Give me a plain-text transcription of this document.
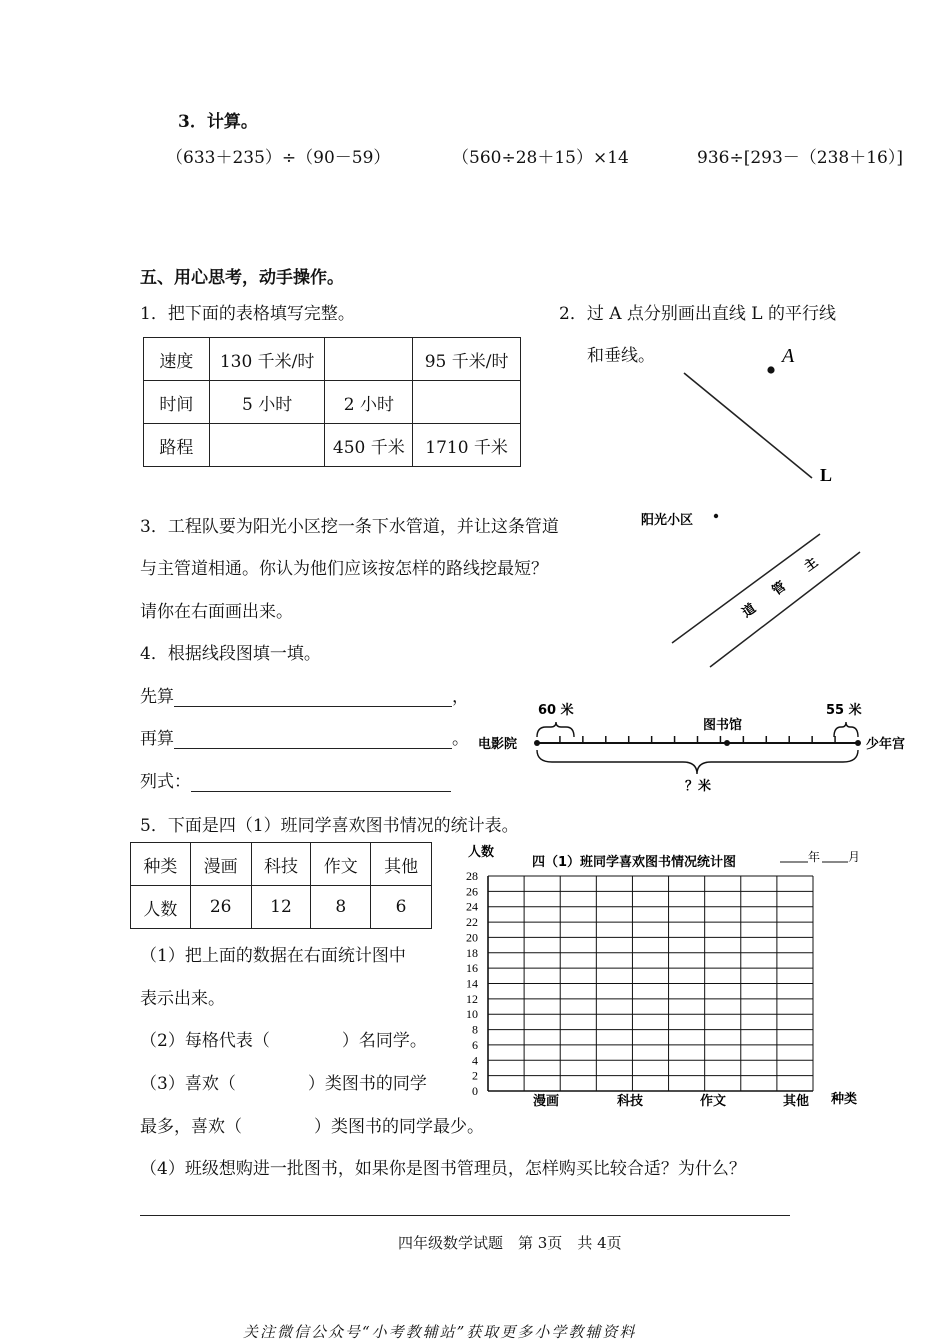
3．计算。
（633＋235）÷（90－59）	（560÷28＋15）×14	936÷[293－（238＋16）]
五、用心思考，动手操作。
1．把下面的表格填写完整。
速度	130 千米/时		95 千米/时
时间	5 小时	2 小时	
路程		450 千米	1710 千米
2．过 A 点分别画出直线 L 的平行线
和垂线。	A
L
3．工程队要为阳光小区挖一条下水管道，并让这条管道
与主管道相通。你认为他们应该按怎样的路线挖最短？
请你在右面画出来。
阳光小区
主
管
道
4．根据线段图填一填。
先算	，
再算	。
列式：
电影院	少年宫
图书馆
60 米	55 米
？米
5．下面是四（1）班同学喜欢图书情况的统计表。
种类	漫画	科技	作文	其他
人数	26	12	8	6
（1）把上面的数据在右面统计图中
表示出来。
（2）每格代表（	）名同学。
（3）喜欢（	）类图书的同学
最多，喜欢（	）类图书的同学最少。
（4）班级想购进一批图书，如果你是图书管理员，怎样购买比较合适？为什么？
人数
四（1）班同学喜欢图书情况统计图	年 月
0
2
4
6
8
10
12
14
16
18
20
22
24
26
28
漫画	科技	作文	其他 种类
四年级数学试题　第 3页　共 4页
关注微信公众号“小考教辅站”获取更多小学教辅资料
